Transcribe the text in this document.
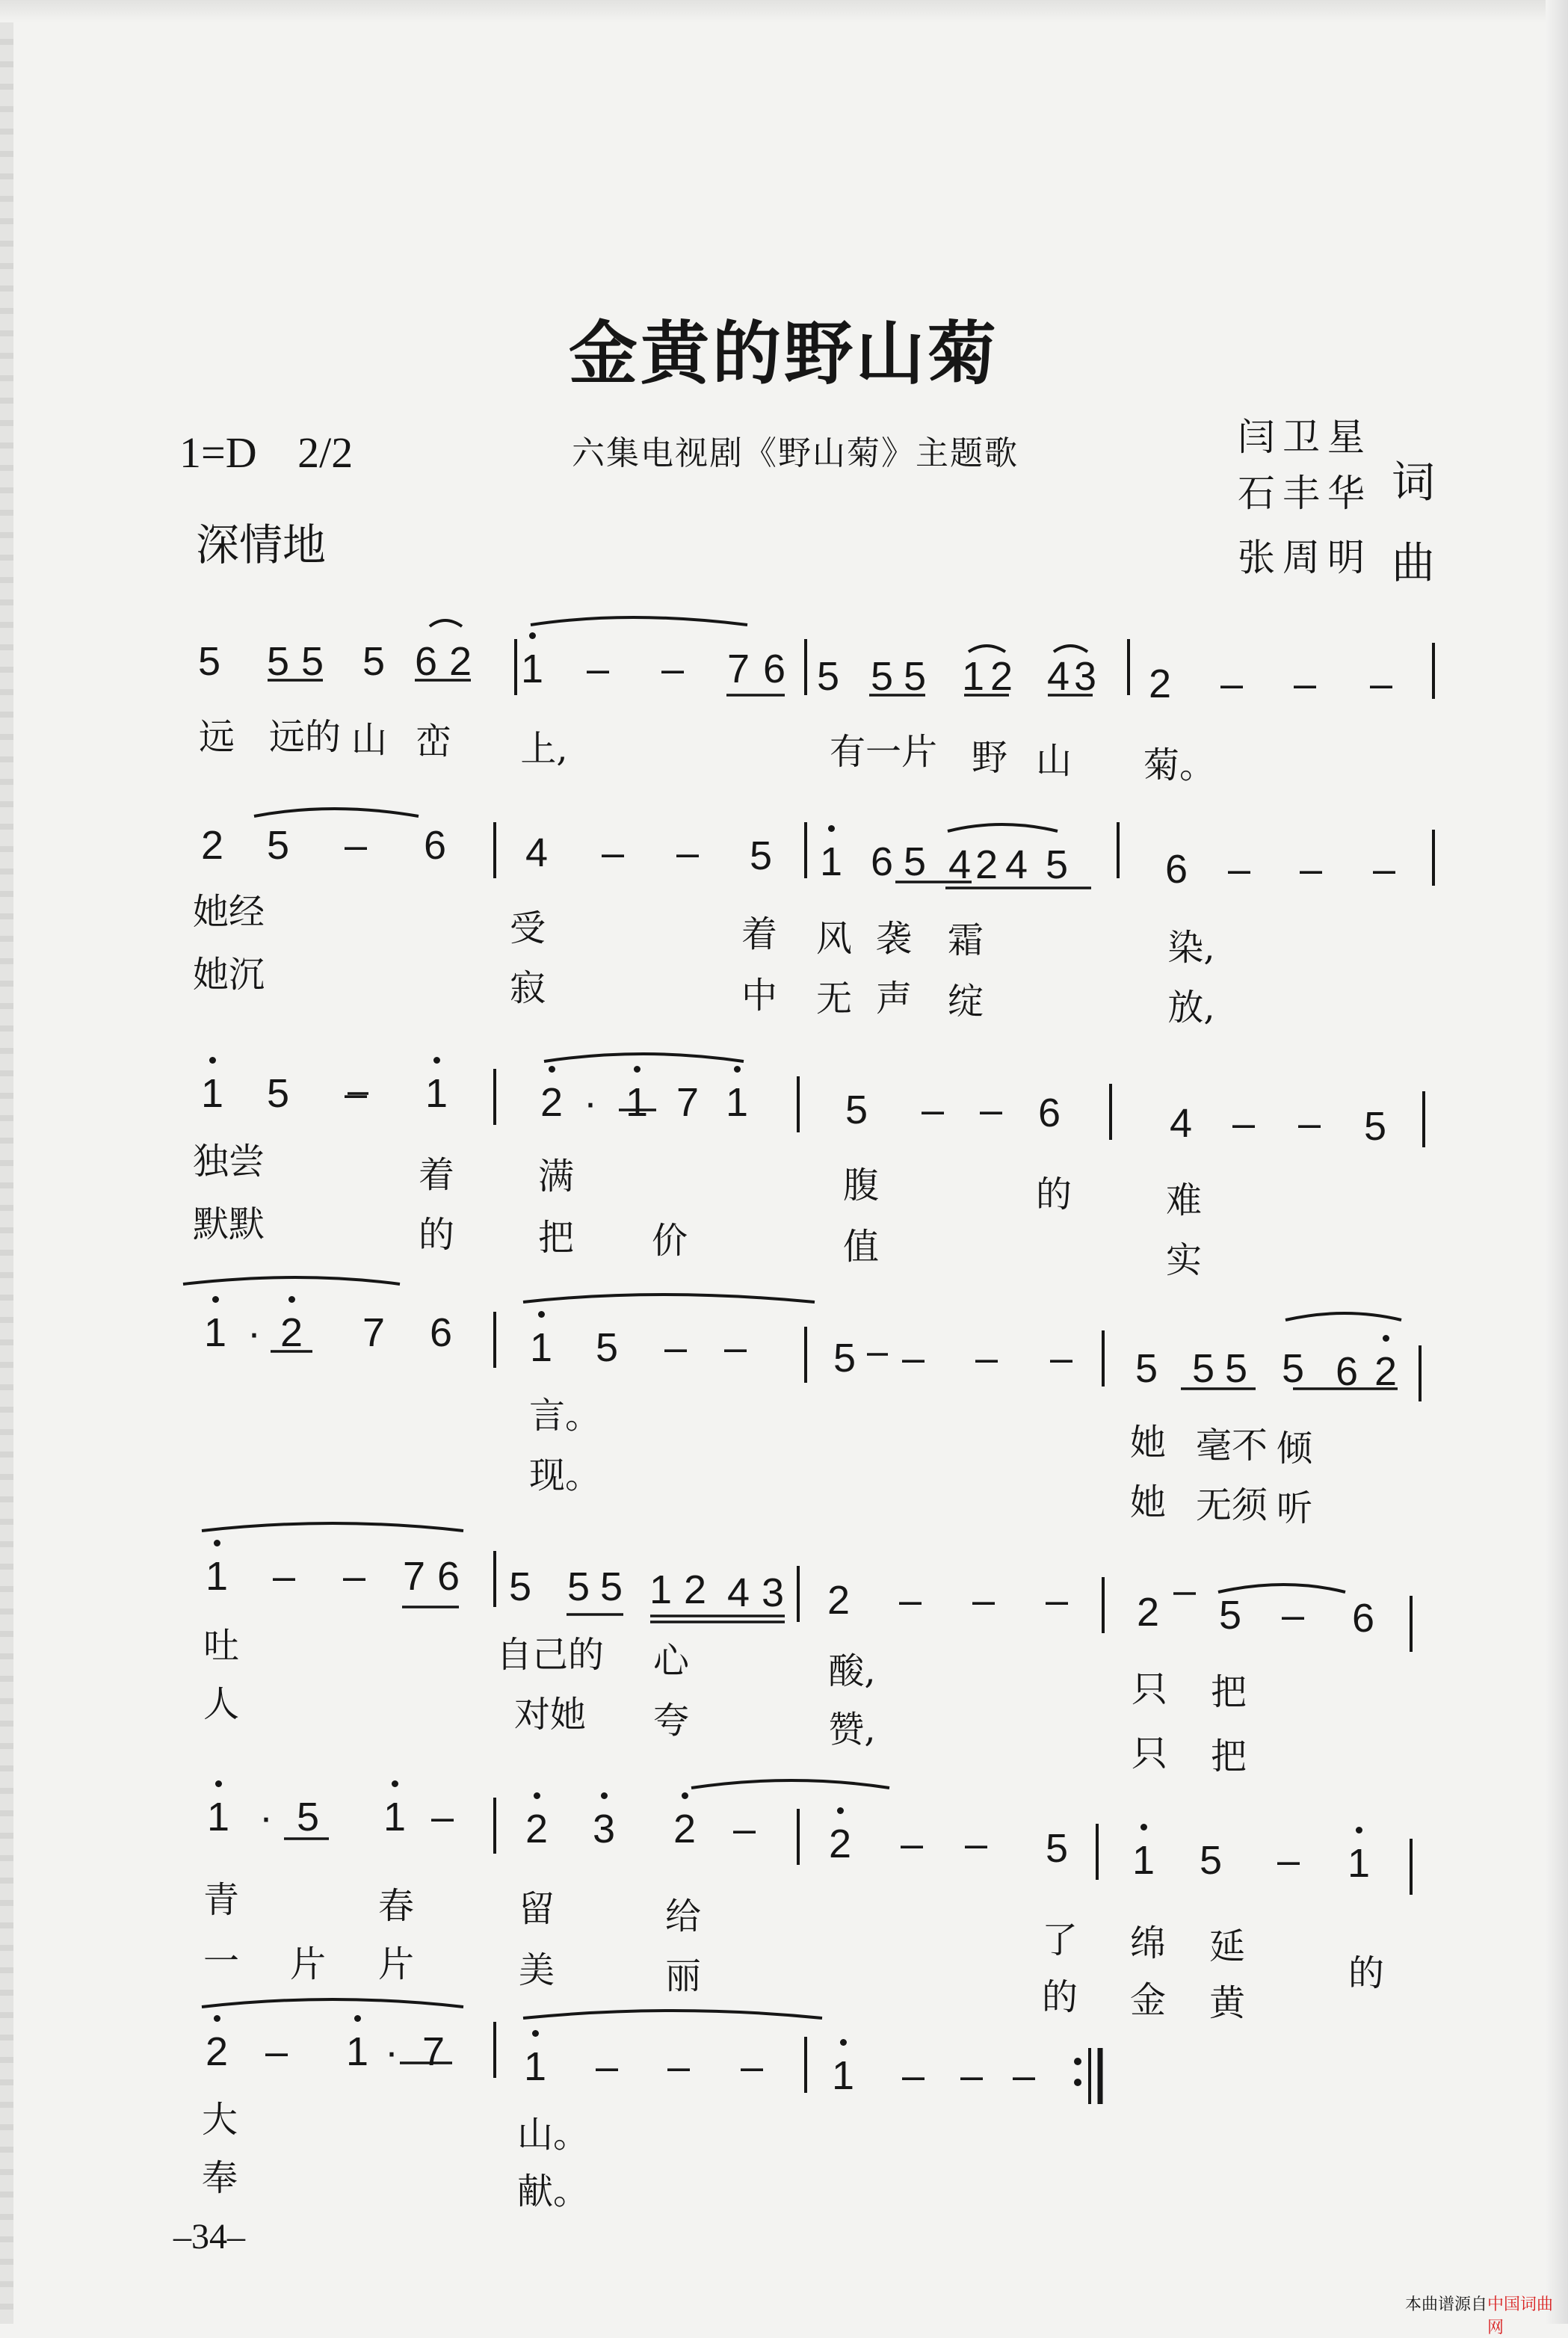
金黄的野山菊
1=D 2/2	六集电视剧《野山菊》主题歌
深情地
闫卫星
石丰华 词
张周明 曲
5 5 5 5 6 2 1 – – 7 6 5 5 5 1 2 4 3 2 – – –
远 远的 山 峦 上,	有一片 野 山 菊。
2 5 – 6 4 – – 5 1 6 5 4 2 4 5 6 – – –
她经	受	着 风 袭 霜	染,
她沉	寂	中 无 声 绽	放,
1 5 – 1 2 · 1 7 1 5 – – 6	4 – – 5
独尝	着 满	腹	的	难
默默	的 把 价	值	实
1 · 2 7 6 1 5 – – 5 – – – 5 5 5 5 6 2
言。
她 毫不 倾
现。
她 无须 听
1 – – 7 6 5 5 5 1 2 4 3 2 – – – 2 5 – 6
吐	自己的 心	酸,	只 把
人	对她 夸	赞,
只 把
1 · 5 1 – 2 3 2 – 2 – – 5 1 5 – 1
青	春	留	给
了 绵 延
的
一 片 片	美	丽	的 金 黄
2 – 1 · 7 1 – – – 1 – – –
大	山。
奉	献。
–34–
本曲谱源自 中国词曲网
